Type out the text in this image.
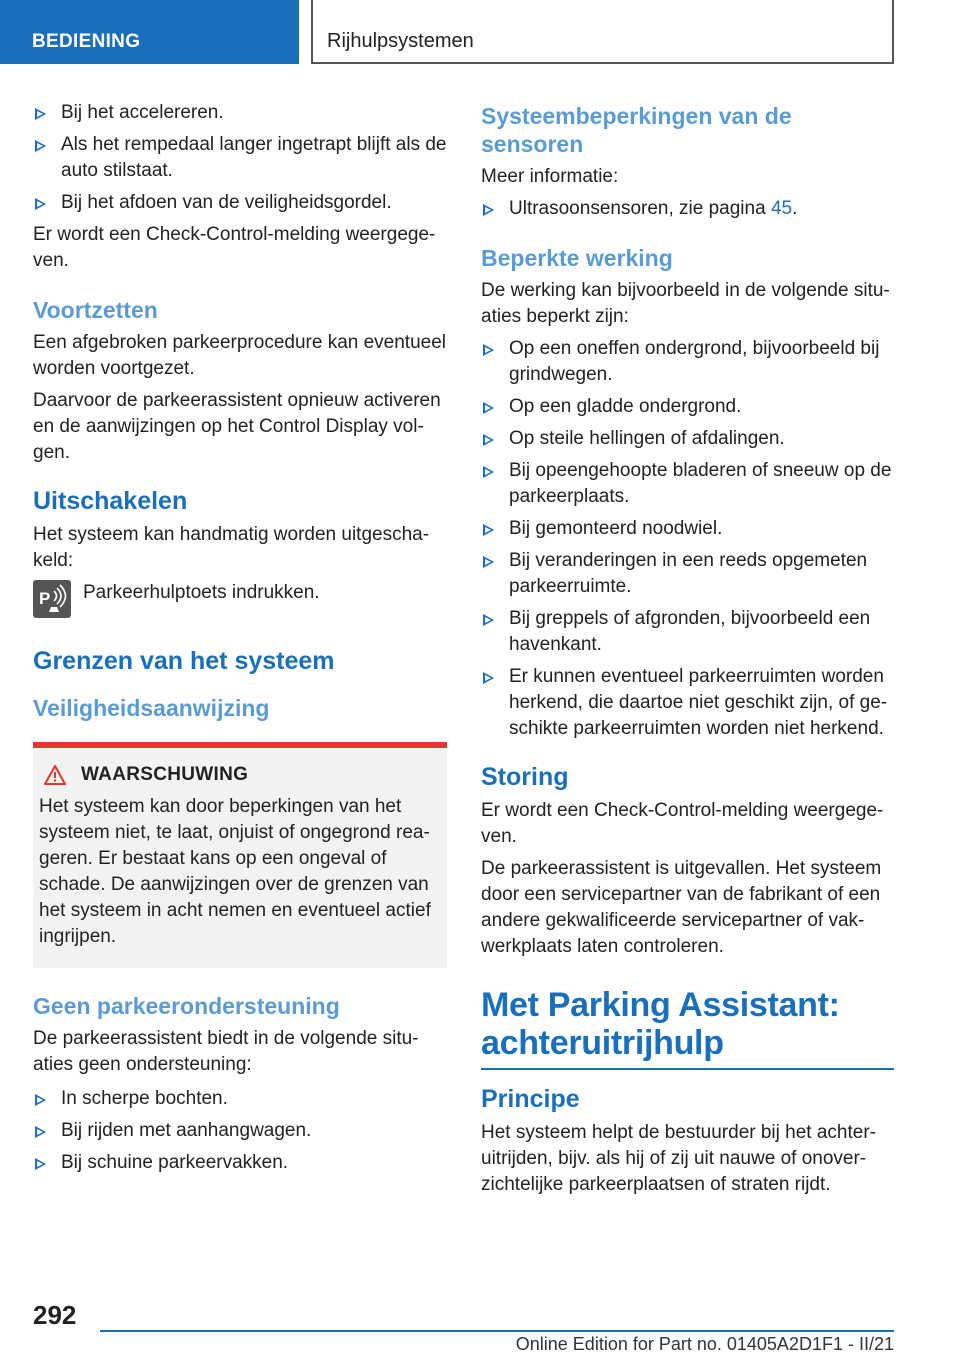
BEDIENING	Rijhulpsystemen
Bij het accelereren.
Als het rempedaal langer ingetrapt blijft als de auto stilstaat.
Bij het afdoen van de veiligheidsgordel.

Er wordt een Check-Control-melding weergege-ven.

Voortzetten

Een afgebroken parkeerprocedure kan eventueel worden voortgezet.

Daarvoor de parkeerassistent opnieuw activeren en de aanwijzingen op het Control Display vol-gen.

Uitschakelen

Het systeem kan handmatig worden uitgescha-keld:

P Parkeerhulptoets indrukken.
Grenzen van het systeem
Veiligheidsaanwijzing
WAARSCHUWING
Het systeem kan door beperkingen van het systeem niet, te laat, onjuist of ongegrond rea-geren. Er bestaat kans op een ongeval of schade. De aanwijzingen over de grenzen van het systeem in acht nemen en eventueel actief ingrijpen.
Geen parkeerondersteuning

De parkeerassistent biedt in de volgende situ-aties geen ondersteuning:

In scherpe bochten.
Bij rijden met aanhangwagen.
Bij schuine parkeervakken.
Systeembeperkingen van de sensoren

Meer informatie:

Ultrasoonsensoren, zie pagina 45.
Beperkte werking

De werking kan bijvoorbeeld in de volgende situ-aties beperkt zijn:

Op een oneffen ondergrond, bijvoorbeeld bij grindwegen.
Op een gladde ondergrond.
Op steile hellingen of afdalingen.
Bij opeengehoopte bladeren of sneeuw op de parkeerplaats.
Bij gemonteerd noodwiel.
Bij veranderingen in een reeds opgemeten parkeerruimte.
Bij greppels of afgronden, bijvoorbeeld een havenkant.
Er kunnen eventueel parkeerruimten worden herkend, die daartoe niet geschikt zijn, of ge-schikte parkeerruimten worden niet herkend.
Storing

Er wordt een Check-Control-melding weergege-ven.

De parkeerassistent is uitgevallen. Het systeem door een servicepartner van de fabrikant of een andere gekwalificeerde servicepartner of vak-werkplaats laten controleren.

Met Parking Assistant: achteruitrijhulp
Principe

Het systeem helpt de bestuurder bij het achter-uitrijden, bijv. als hij of zij uit nauwe of onover-zichtelijke parkeerplaatsen of straten rijdt.

292
Online Edition for Part no. 01405A2D1F1 - II/21
